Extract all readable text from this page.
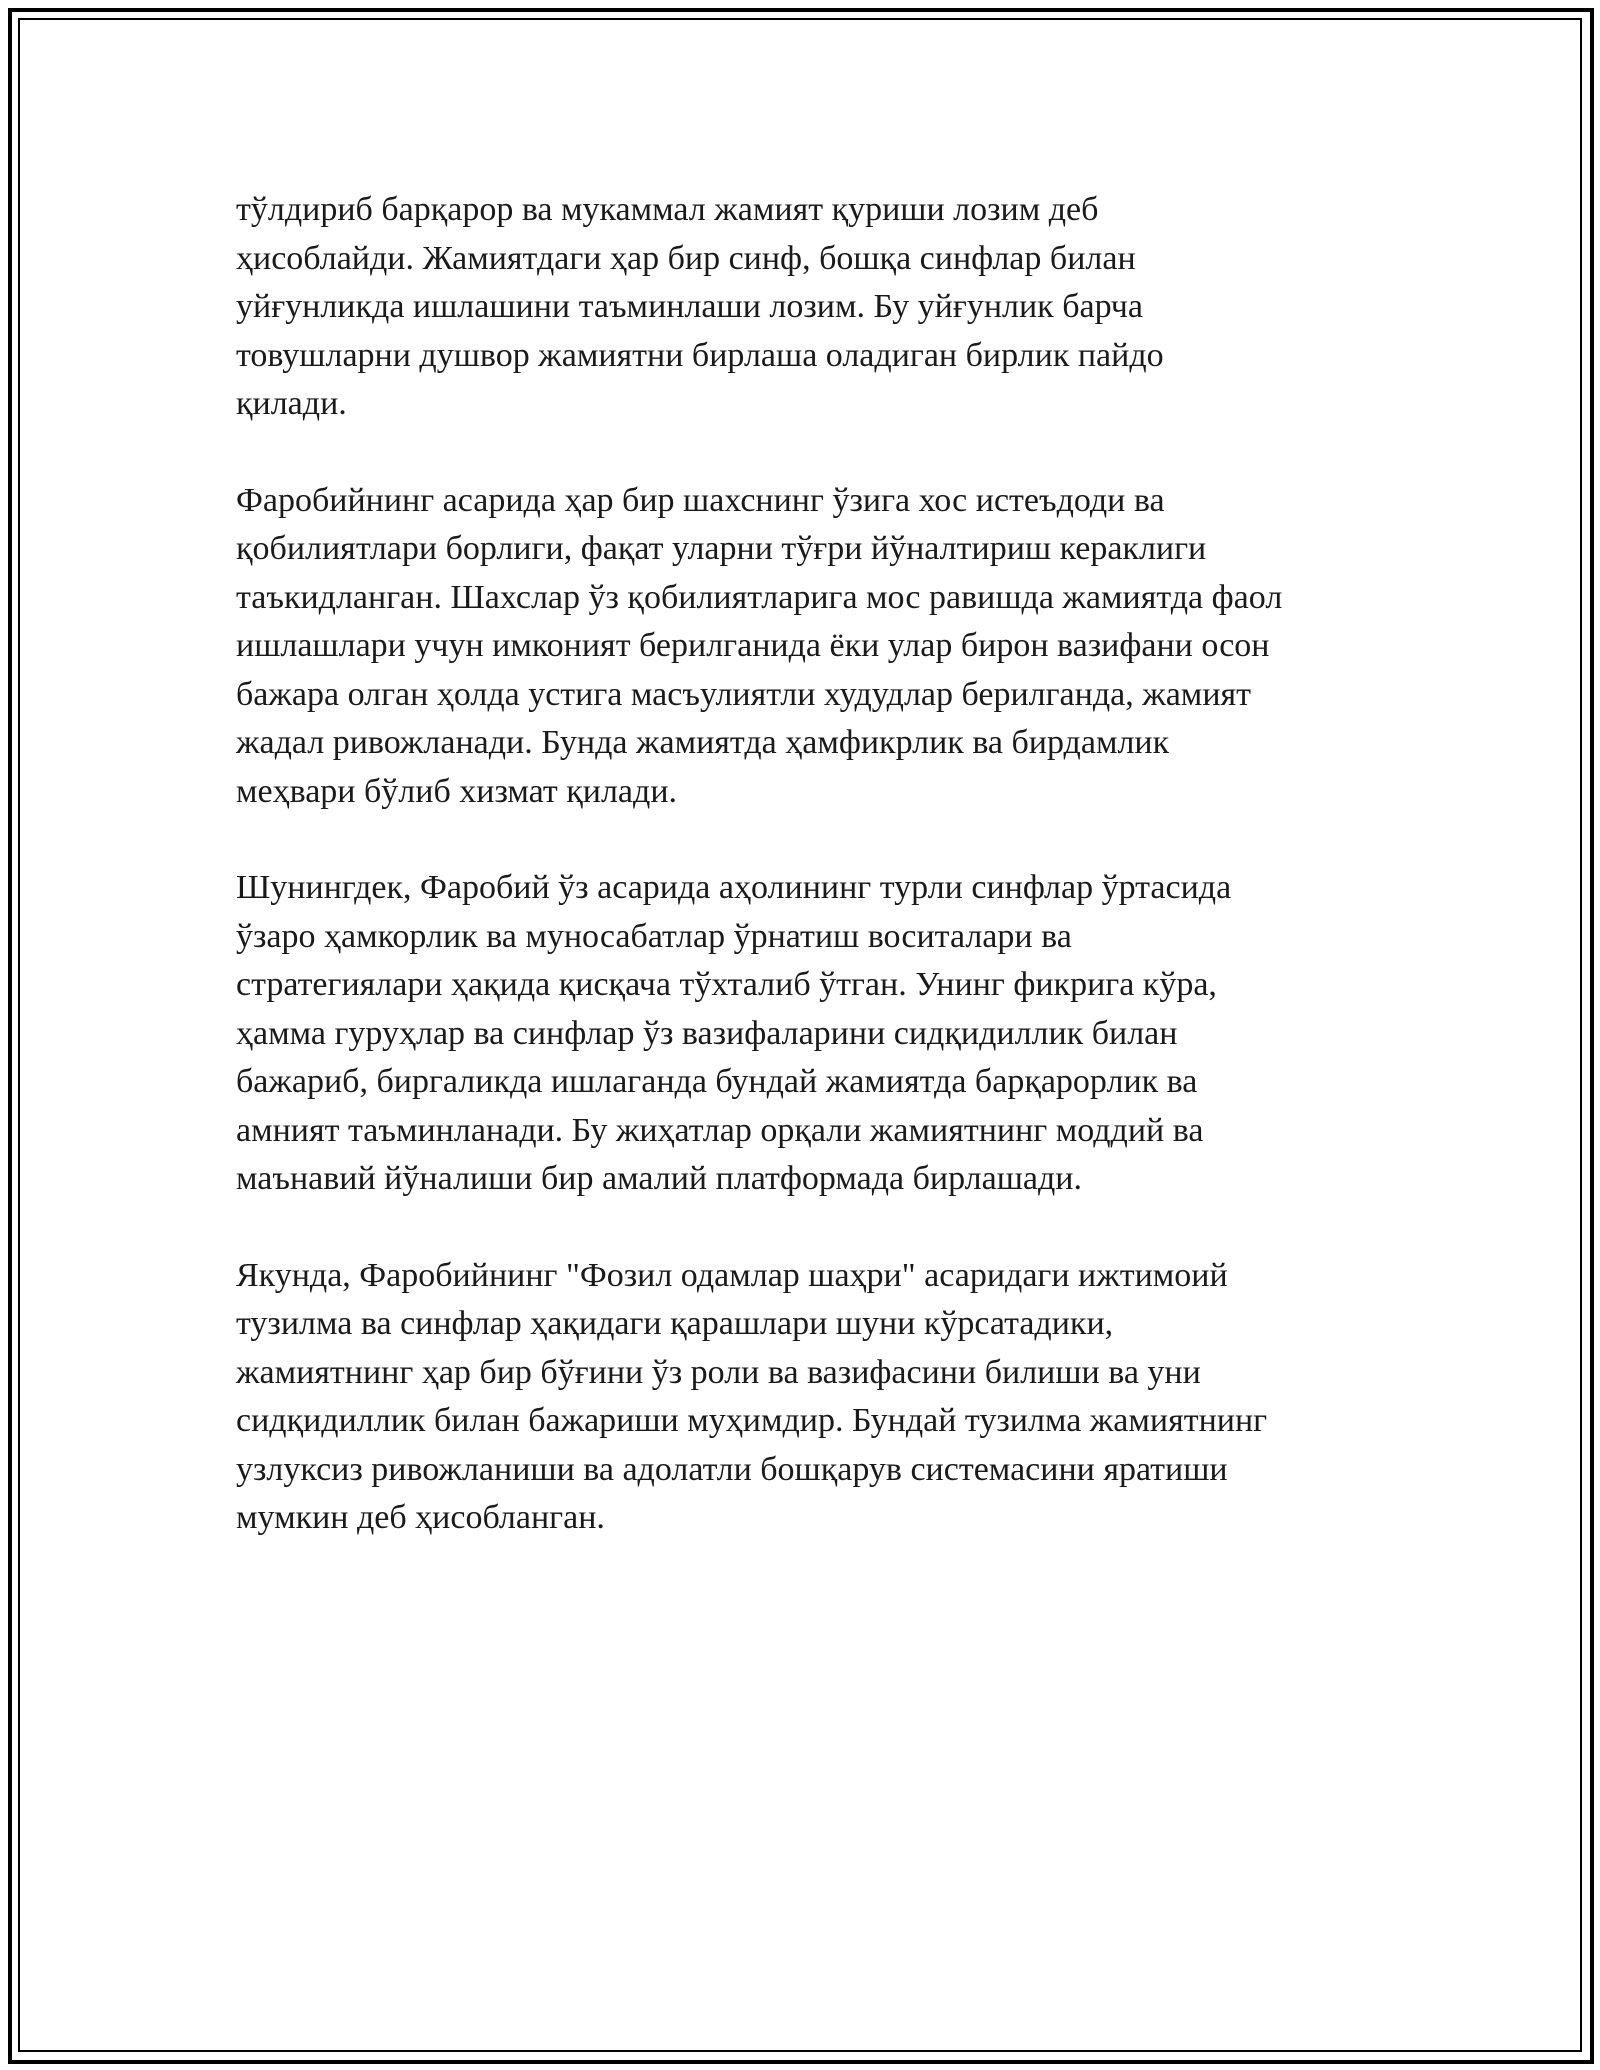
тўлдириб барқарор ва мукаммал жамият қуриши лозим деб
ҳисоблайди. Жамиятдаги ҳар бир синф, бошқа синфлар билан
уйғунликда ишлашини таъминлаши лозим. Бу уйғунлик барча
товушларни душвор жамиятни бирлаша оладиган бирлик пайдо
қилади.

Фаробийнинг асарида ҳар бир шахснинг ўзига хос истеъдоди ва
қобилиятлари борлиги, фақат уларни тўғри йўналтириш кераклиги
таъкидланган. Шахслар ўз қобилиятларига мос равишда жамиятда фаол
ишлашлари учун имконият берилганида ёки улар бирон вазифани осон
бажара олган ҳолда устига масъулиятли худудлар берилганда, жамият
жадал ривожланади. Бунда жамиятда ҳамфикрлик ва бирдамлик
меҳвари бўлиб хизмат қилади.

Шунингдек, Фаробий ўз асарида аҳолининг турли синфлар ўртасида
ўзаро ҳамкорлик ва муносабатлар ўрнатиш воситалари ва
стратегиялари ҳақида қисқача тўхталиб ўтган. Унинг фикрига кўра,
ҳамма гуруҳлар ва синфлар ўз вазифаларини сидқидиллик билан
бажариб, биргаликда ишлаганда бундай жамиятда барқарорлик ва
амният таъминланади. Бу жиҳатлар орқали жамиятнинг моддий ва
маънавий йўналиши бир амалий платформада бирлашади.

Якунда, Фаробийнинг "Фозил одамлар шаҳри" асаридаги ижтимоий
тузилма ва синфлар ҳақидаги қарашлари шуни кўрсатадики,
жамиятнинг ҳар бир бўғини ўз роли ва вазифасини билиши ва уни
сидқидиллик билан бажариши муҳимдир. Бундай тузилма жамиятнинг
узлуксиз ривожланиши ва адолатли бошқарув системасини яратиши
мумкин деб ҳисобланган.
